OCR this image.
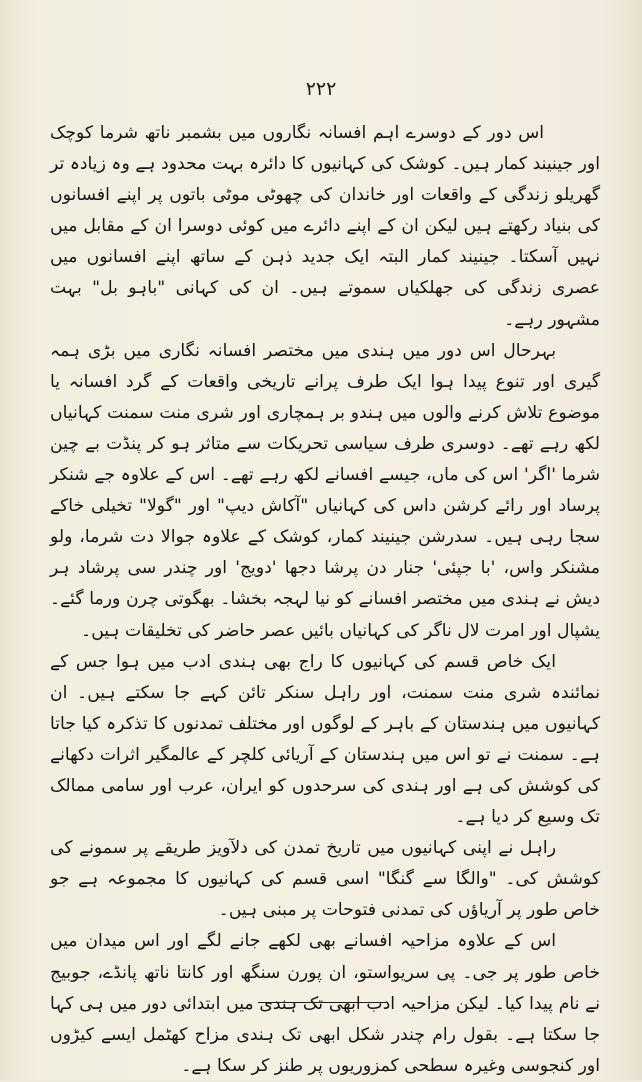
۲۲۲

اس دور کے دوسرے اہم افسانہ نگاروں میں بشمبر ناتھ شرما کوچک اور جینیند کمار ہیں۔ کوشک کی کہانیوں کا دائرہ بہت محدود ہے وہ زیادہ تر گھریلو زندگی کے واقعات اور خاندان کی چھوٹی موٹی باتوں پر اپنے افسانوں کی بنیاد رکھتے ہیں لیکن ان کے اپنے دائرے میں کوئی دوسرا ان کے مقابل میں نہیں آسکتا۔ جینیند کمار البتہ ایک جدید ذہن کے ساتھ اپنے افسانوں میں عصری زندگی کی جھلکیاں سموتے ہیں۔ ان کی کہانی "باہو بل" بہت مشہور رہے۔

بہرحال اس دور میں ہندی میں مختصر افسانہ نگاری میں بڑی ہمہ گیری اور تنوع پیدا ہوا ایک طرف پرانے تاریخی واقعات کے گرد افسانہ یا موضوع تلاش کرنے والوں میں ہندو بر ہمچاری اور شری منت سمنت کہانیاں لکھ رہے تھے۔ دوسری طرف سیاسی تحریکات سے متاثر ہو کر پنڈت بے چین شرما 'اگر' اس کی ماں، جیسے افسانے لکھ رہے تھے۔ اس کے علاوہ جے شنکر پرساد اور رائے کرشن داس کی کہانیاں "آکاش دیپ" اور "گولا" تخیلی خاکے سجا رہی ہیں۔ سدرشن جینیند کمار، کوشک کے علاوہ جوالا دت شرما، ولو مشنکر واس، 'با جپئی' جنار دن پرشا دجھا 'دویج' اور چندر سی پرشاد ہر دیش نے ہندی میں مختصر افسانے کو نیا لہجہ بخشا۔ بھگوتی چرن ورما گئے۔ یشپال اور امرت لال ناگر کی کہانیاں بائیں عصر حاضر کی تخلیقات ہیں۔

ایک خاص قسم کی کہانیوں کا راج بھی ہندی ادب میں ہوا جس کے نمائندہ شری منت سمنت، اور راہل سنکر تائن کہے جا سکتے ہیں۔ ان کہانیوں میں ہندستان کے باہر کے لوگوں اور مختلف تمدنوں کا تذکرہ کیا جاتا ہے۔ سمنت نے تو اس میں ہندستان کے آریائی کلچر کے عالمگیر اثرات دکھانے کی کوشش کی ہے اور ہندی کی سرحدوں کو ایران، عرب اور سامی ممالک تک وسیع کر دیا ہے۔

راہل نے اپنی کہانیوں میں تاریخ تمدن کی دلآویز طریقے پر سمونے کی کوشش کی۔ "والگا سے گنگا" اسی قسم کی کہانیوں کا مجموعہ ہے جو خاص طور پر آریاؤں کی تمدنی فتوحات پر مبنی ہیں۔

اس کے علاوہ مزاحیہ افسانے بھی لکھے جانے لگے اور اس میدان میں خاص طور پر جی۔ پی سریواستو، ان پورن سنگھ اور کانتا ناتھ پانڈے، جوبیج نے نام پیدا کیا۔ لیکن مزاحیہ ادب ابھی تک ہندی میں ابتدائی دور میں ہی کہا جا سکتا ہے۔ بقول رام چندر شکل ابھی تک ہندی مزاح کھٹمل ایسے کیڑوں اور کنجوسی وغیرہ سطحی کمزوریوں پر طنز کر سکا ہے۔
